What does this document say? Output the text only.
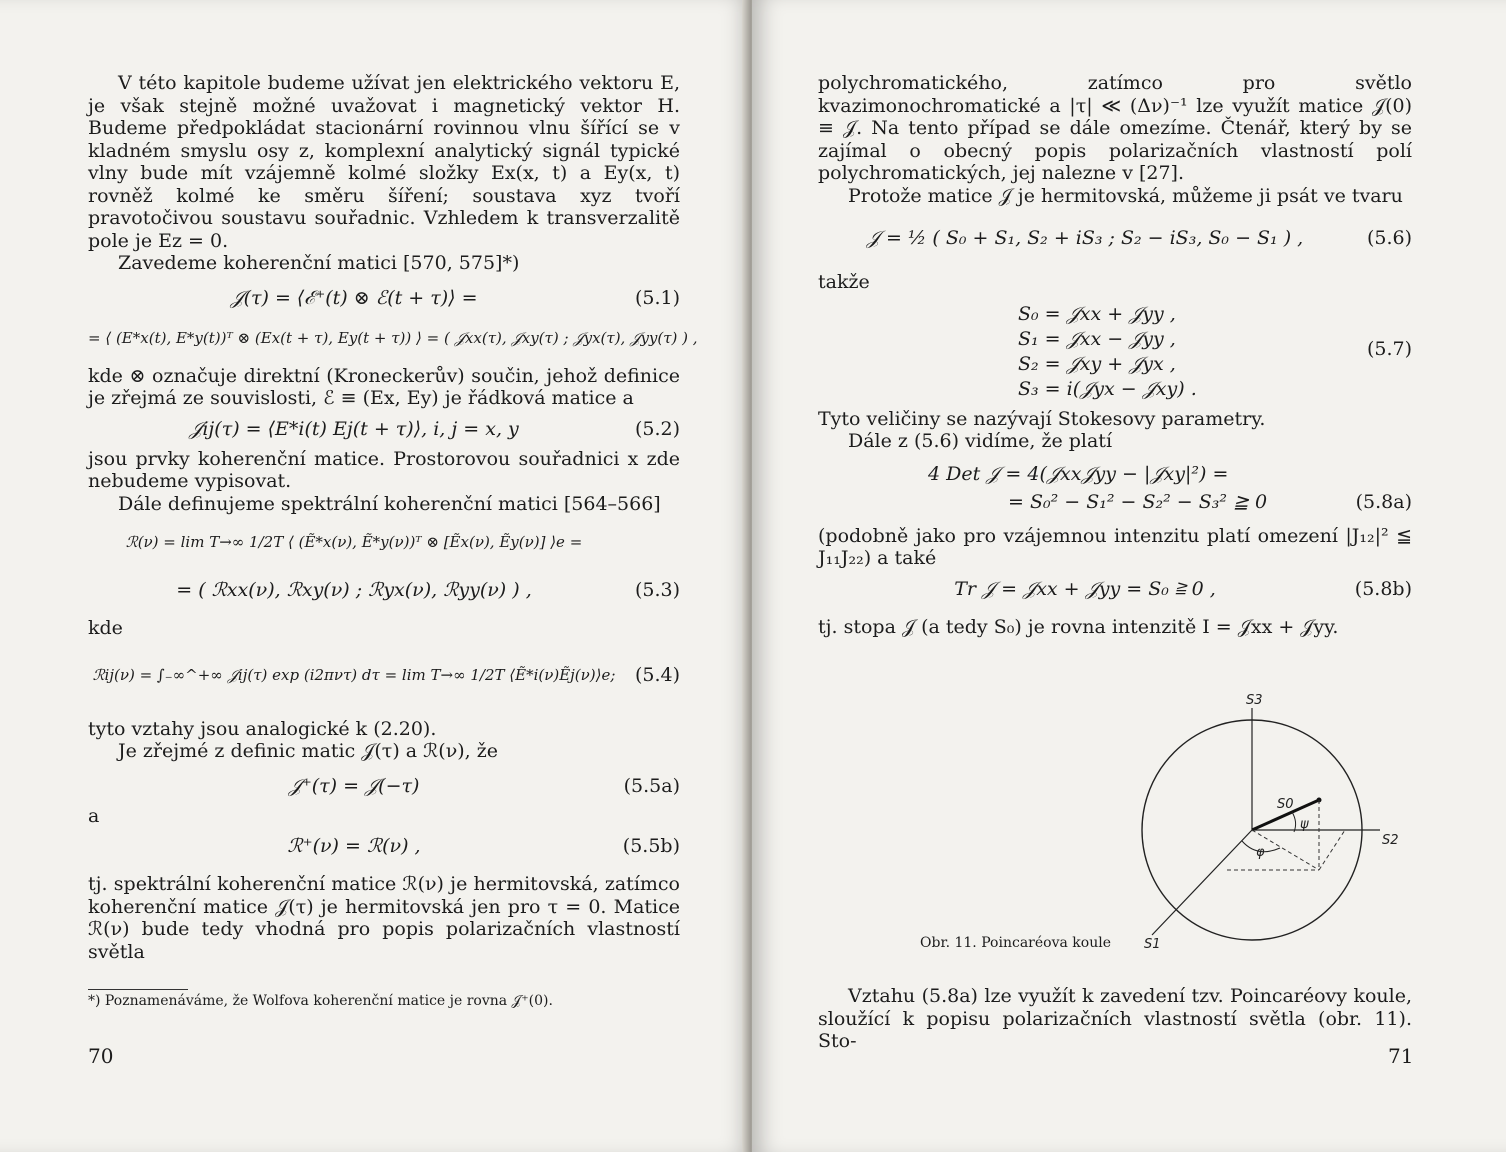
V této kapitole budeme užívat jen elektrického vektoru E, je však stejně možné uvažovat i magnetický vektor H. Budeme předpokládat stacionární rovinnou vlnu šířící se v kladném smyslu osy z, komplexní analytický signál typické vlny bude mít vzájemně kolmé složky Ex(x, t) a Ey(x, t) rovněž kolmé ke směru šíření; soustava xyz tvoří pravotočivou soustavu souřadnic. Vzhledem k transverzalitě pole je Ez = 0.

Zavedeme koherenční matici [570, 575]*)

𝒥(τ) = ⟨ℰ⁺(t) ⊗ ℰ(t + τ)⟩ =	(5.1)
= ⟨ (E*x(t), E*y(t))ᵀ ⊗ (Ex(t + τ), Ey(t + τ)) ⟩ = ( 𝒥xx(τ), 𝒥xy(τ) ; 𝒥yx(τ), 𝒥yy(τ) ) ,

kde ⊗ označuje direktní (Kroneckerův) součin, jehož definice je zřejmá ze souvislosti, ℰ ≡ (Ex, Ey) je řádková matice a

𝒥ij(τ) = ⟨E*i(t) Ej(t + τ)⟩, i, j = x, y	(5.2)

jsou prvky koherenční matice. Prostorovou souřadnici x zde nebudeme vypisovat.

Dále definujeme spektrální koherenční matici [564–566]

ℛ(ν) = lim T→∞ 1/2T ⟨ (Ẽ*x(ν), Ẽ*y(ν))ᵀ ⊗ [Ẽx(ν), Ẽy(ν)] ⟩e =
= ( ℛxx(ν), ℛxy(ν) ; ℛyx(ν), ℛyy(ν) ) ,	(5.3)

kde

ℛij(ν) = ∫₋∞^+∞ 𝒥ij(τ) exp (i2πντ) dτ = lim T→∞ 1/2T ⟨Ẽ*i(ν)Ẽj(ν)⟩e; (5.4)

tyto vztahy jsou analogické k (2.20).

Je zřejmé z definic matic 𝒥(τ) a ℛ(ν), že

𝒥⁺(τ) = 𝒥(−τ)	(5.5a)

a

ℛ⁺(ν) = ℛ(ν) ,	(5.5b)

tj. spektrální koherenční matice ℛ(ν) je hermitovská, zatímco koherenční matice 𝒥(τ) je hermitovská jen pro τ = 0. Matice ℛ(ν) bude tedy vhodná pro popis polarizačních vlastností světla

*) Poznamenáváme, že Wolfova koherenční matice je rovna 𝒥⁺(0).

70

polychromatického, zatímco pro světlo kvazimonochromatické a |τ| ≪ (Δν)⁻¹ lze využít matice 𝒥(0) ≡ 𝒥. Na tento případ se dále omezíme. Čtenář, který by se zajímal o obecný popis polarizačních vlastností polí polychromatických, jej nalezne v [27].

Protože matice 𝒥 je hermitovská, můžeme ji psát ve tvaru

𝒥 = ½ ( S₀ + S₁, S₂ + iS₃ ; S₂ − iS₃, S₀ − S₁ ) ,	(5.6)

takže

S₀ = 𝒥xx + 𝒥yy ,
S₁ = 𝒥xx − 𝒥yy ,
S₂ = 𝒥xy + 𝒥yx ,
S₃ = i(𝒥yx − 𝒥xy) .
(5.7)

Tyto veličiny se nazývají Stokesovy parametry.

Dále z (5.6) vidíme, že platí

4 Det 𝒥 = 4(𝒥xx𝒥yy − |𝒥xy|²) =
= S₀² − S₁² − S₂² − S₃² ≧ 0	(5.8a)

(podobně jako pro vzájemnou intenzitu platí omezení |J₁₂|² ≦ J₁₁J₂₂) a také

Tr 𝒥 = 𝒥xx + 𝒥yy = S₀ ≧ 0 ,	(5.8b)

tj. stopa 𝒥 (a tedy S₀) je rovna intenzitě I = 𝒥xx + 𝒥yy.

S3
S2
S1
S0
ψ
φ
Obr. 11. Poincaréova koule

Vztahu (5.8a) lze využít k zavedení tzv. Poincaréovy koule, sloužící k popisu polarizačních vlastností světla (obr. 11). Sto-

71
